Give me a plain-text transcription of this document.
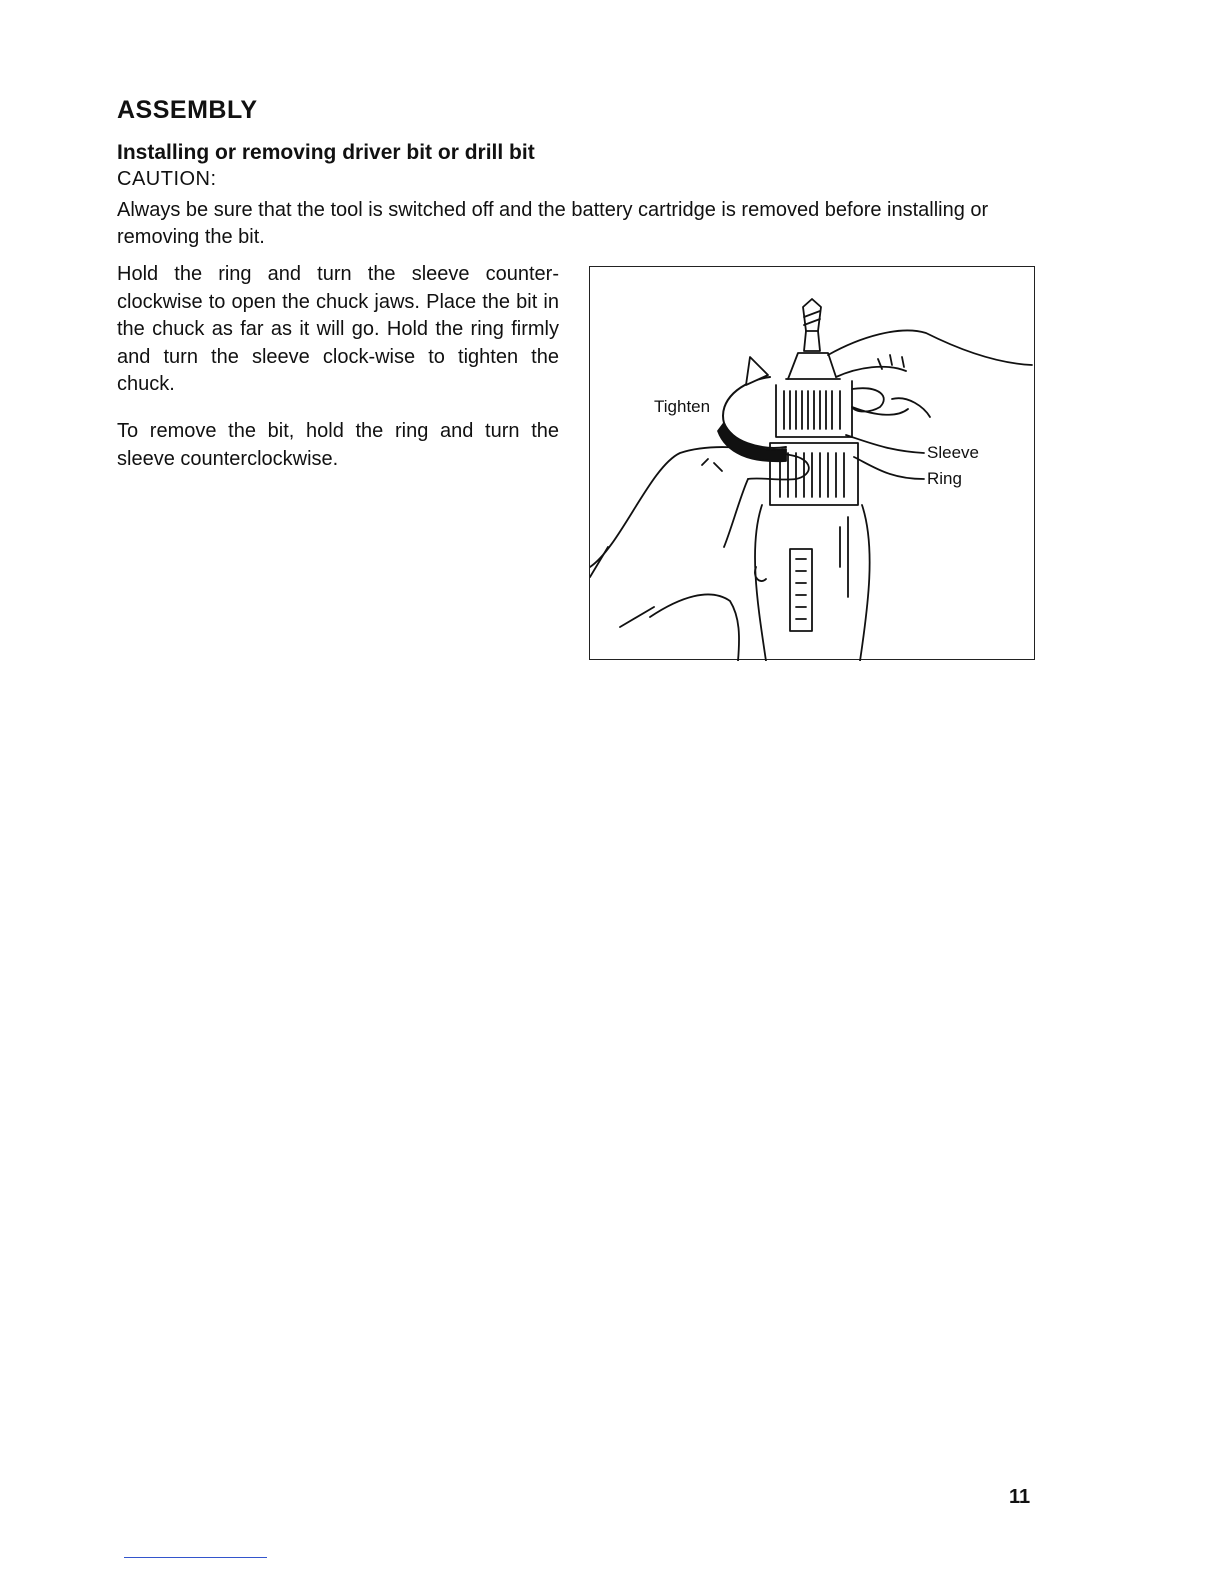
ASSEMBLY
Installing or removing driver bit or drill bit

CAUTION:

Always be sure that the tool is switched off and the battery cartridge is removed before installing or removing the bit.

Hold the ring and turn the sleeve counter-clockwise to open the chuck jaws. Place the bit in the chuck as far as it will go. Hold the ring firmly and turn the sleeve clock-wise to tighten the chuck.

To remove the bit, hold the ring and turn the sleeve counterclockwise.

Tighten
Sleeve
Ring

11
